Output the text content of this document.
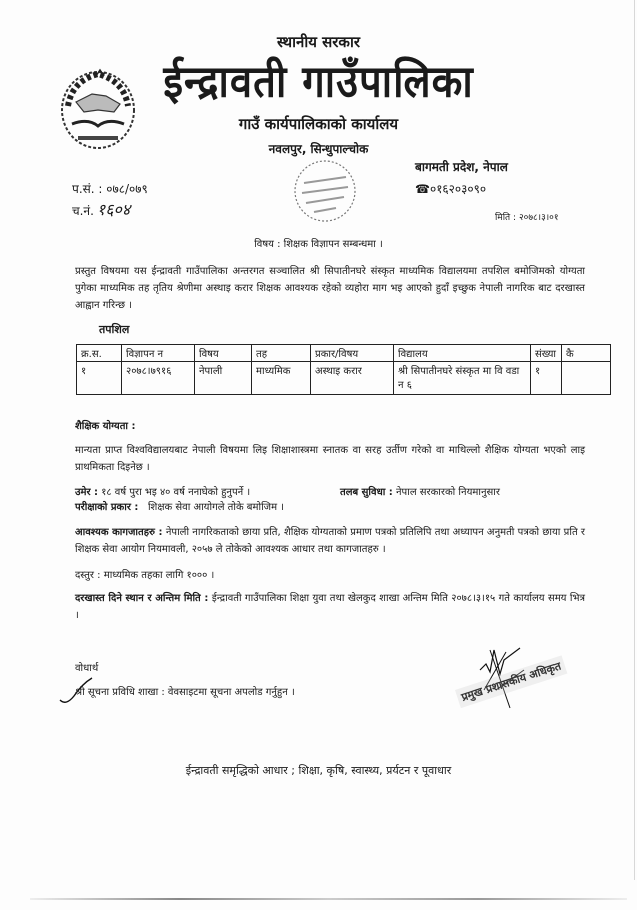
स्थानीय सरकार
ईन्द्रावती गाउँपालिका
गाउँ कार्यपालिकाको कार्यालय
नवलपुर, सिन्धुपाल्चोक
बागमती प्रदेश, नेपाल
☎०१६२०३०९०
प.सं. : ०७८/०७९
च.नं. १६०४	मिति : २०७८।३।०१
विषय : शिक्षक विज्ञापन सम्बन्धमा ।
प्रस्तुत विषयमा यस ईन्द्रावती गाउँपालिका अन्तरगत सञ्चालित श्री सिपातीनघरे संस्कृत माध्यमिक विद्यालयमा तपशिल बमोजिमको योग्यता पुगेका माध्यमिक तह तृतिय श्रेणीमा अस्थाइ करार शिक्षक आवश्यक रहेको व्यहोरा माग भइ आएको हुदाँ इच्छुक नेपाली नागरिक बाट दरखास्त आह्वान गरिन्छ ।
तपशिल
क्र.स.	विज्ञापन न	विषय	तह	प्रकार/विषय	विद्यालय	संख्या	कै
१	२०७८।७९१६	नेपाली	माध्यमिक	अस्थाइ करार	श्री सिपातीनघरे संस्कृत मा वि वडा न ६	१	
शैक्षिक योग्यता :
मान्यता प्राप्त विश्वविद्यालयबाट नेपाली विषयमा लिइ शिक्षाशास्त्रमा स्नातक वा सरह उर्तीण गरेको वा माथिल्लो शैक्षिक योग्यता भएको लाइ प्राथमिकता दिइनेछ ।
उमेर : १८ वर्ष पुरा भइ ४० वर्ष ननाघेको हुनुपर्ने ।	तलब सुविधा : नेपाल सरकारको नियमानुसार
परीक्षाको प्रकार : शिक्षक सेवा आयोगले तोके बमोजिम ।
आवश्यक कागजातहरु : नेपाली नागरिकताको छाया प्रति, शैक्षिक योग्यताको प्रमाण पत्रको प्रतिलिपि तथा अध्यापन अनुमती पत्रको छाया प्रति र शिक्षक सेवा आयोग नियमावली, २०५७ ले तोकेको आवश्यक आधार तथा कागजातहरु ।
दस्तुर : माध्यमिक तहका लागि १००० ।
दरखास्त दिने स्थान र अन्तिम मिति : ईन्द्रावती गाउँपालिका शिक्षा युवा तथा खेलकुद शाखा अन्तिम मिति २०७८।३।१५ गते कार्यालय समय भित्र ।
वोधार्थ
श्री सूचना प्रविधि शाखा : वेवसाइटमा सूचना अपलोड गर्नुहुन ।	प्रमुख प्रशासकीय अधिकृत
ईन्द्रावती समृद्धिको आधार ; शिक्षा, कृषि, स्वास्थ्य, प्रर्यटन र पूवाधार
